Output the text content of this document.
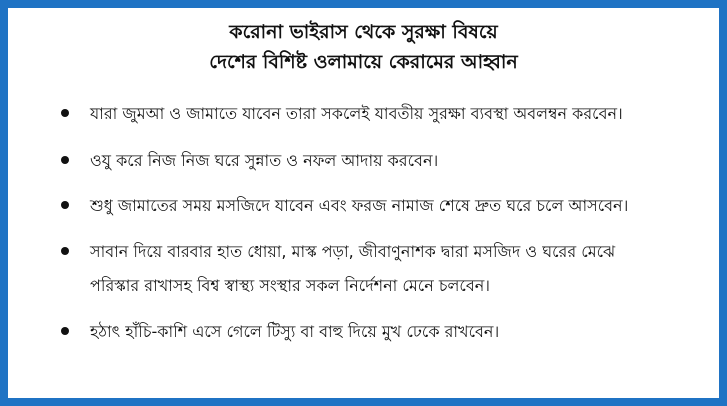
করোনা ভাইরাস থেকে সুরক্ষা বিষয়ে
দেশের বিশিষ্ট ওলামায়ে কেরামের আহ্বান
যারা জুমআ ও জামাতে যাবেন তারা সকলেই যাবতীয় সুরক্ষা ব্যবস্থা অবলম্বন করবেন।
ওযু করে নিজ নিজ ঘরে সুন্নাত ও নফল আদায় করবেন।
শুধু জামাতের সময় মসজিদে যাবেন এবং ফরজ নামাজ শেষে দ্রুত ঘরে চলে আসবেন।
সাবান দিয়ে বারবার হাত ধোয়া, মাস্ক পড়া, জীবাণুনাশক দ্বারা মসজিদ ও ঘরের মেঝে
পরিস্কার রাখাসহ বিশ্ব স্বাস্থ্য সংস্থার সকল নির্দেশনা মেনে চলবেন।
হঠাৎ হাঁচি-কাশি এসে গেলে টিস্যু বা বাহু দিয়ে মুখ ঢেকে রাখবেন।
